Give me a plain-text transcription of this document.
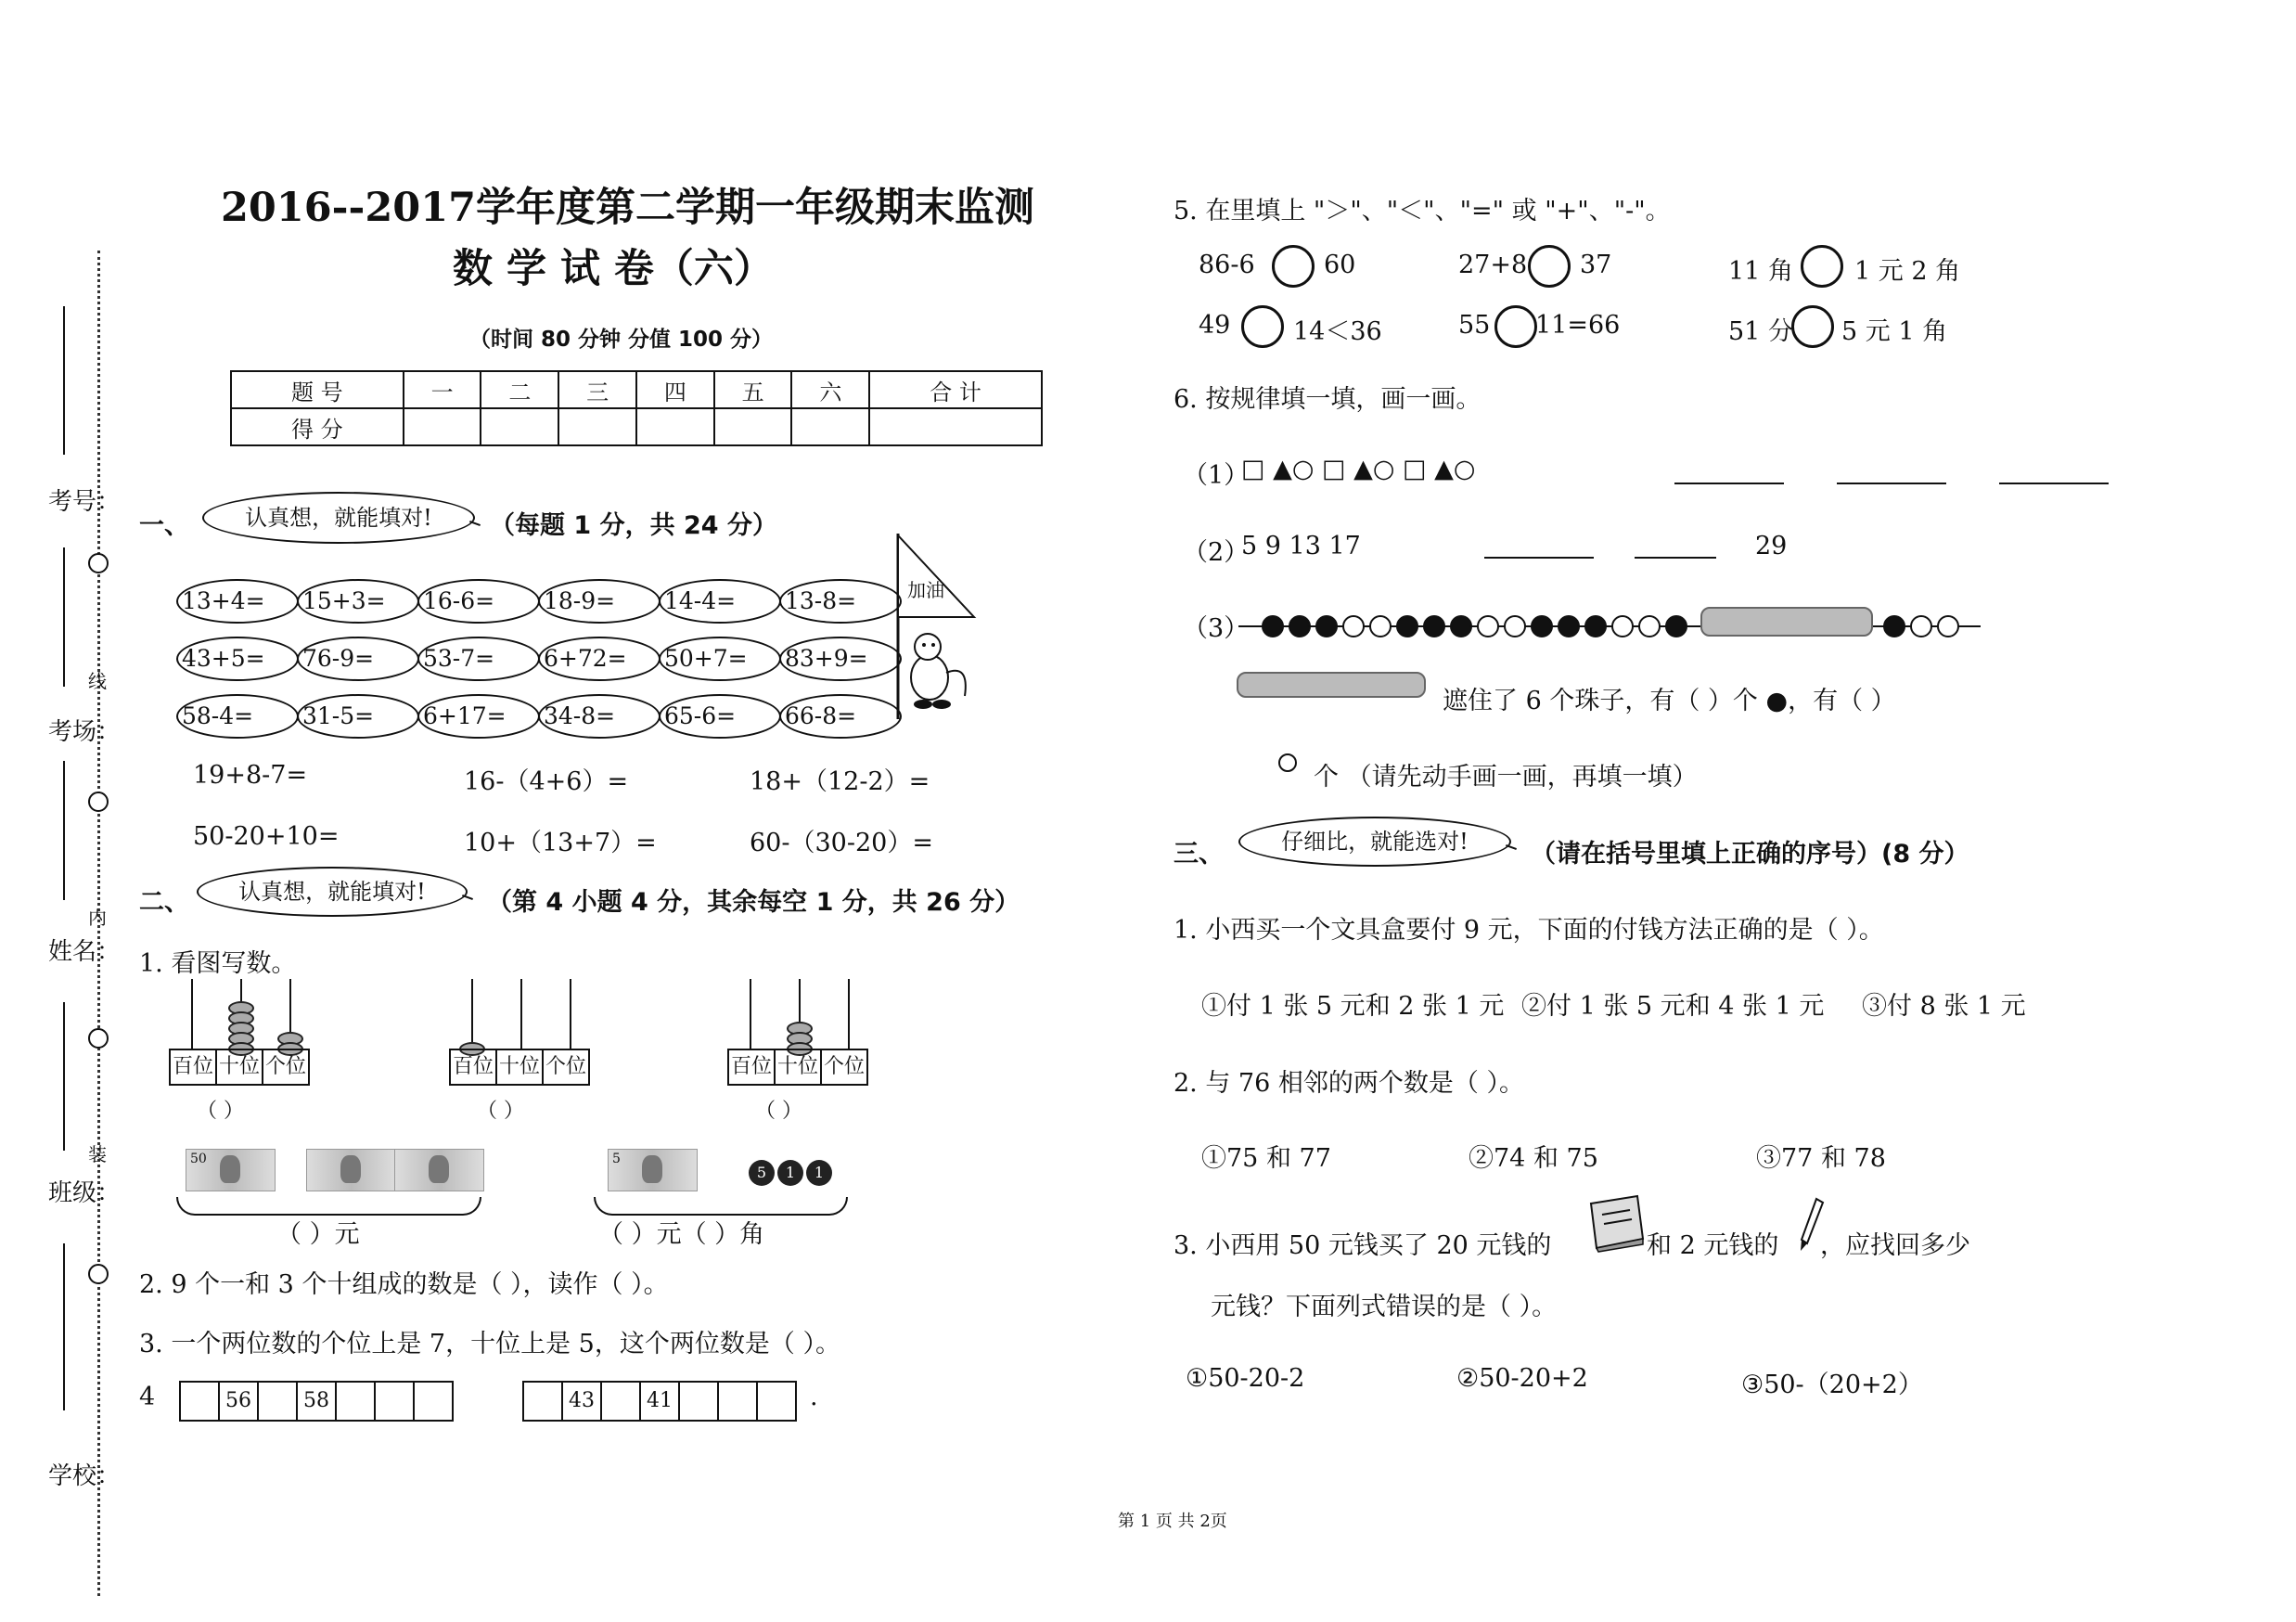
考号：
考场：
姓名：
班级：
学校：
线
内
装
2016--2017学年度第二学期一年级期末监测
数 学 试 卷（六）
（时间 80 分钟 分值 100 分）
题 号	一	二	三	四	五	六	合 计
得 分							
一、	认真想，就能填对!	（每题 1 分，共 24 分）
加油
13+4=	15+3=	16-6=	18-9=	14-4=	13-8=
43+5=	76-9=	53-7=	6+72=	50+7=	83+9=
58-4=	31-5=	6+17=	34-8=	65-6=	66-8=
19+8-7=	16-（4+6）=	18+（12-2）=
50-20+10=	10+（13+7）=	60-（30-20）=
二、	认真想，就能填对!	（第 4 小题 4 分，其余每空 1 分，共 26 分）
1. 看图写数。
百位 十位 个位
（ ）
百位 十位 个位
（ ）
百位 十位 个位
（ ）
50
（ ）元
5
5	1	1
（ ）元（ ）角
2. 9 个一和 3 个十组成的数是（ ），读作（ ）。
3. 一个两位数的个位上是 7，十位上是 5，这个两位数是（ ）。
4	56	58	43	41	.
5. 在里填上 "＞"、"＜"、"=" 或 "+"、"-"。
86-6	60	27+8 37	11 角 1 元 2 角
49	14＜36	55 11=66	51 分 5 元 1 角
6. 按规律填一填，画一画。
（1）
□ ▲○ □ ▲○ □ ▲○
（2）
5 9 13 17	29
（3）
遮住了 6 个珠子，有（ ）个 ●，有（ ）
个 （请先动手画一画，再填一填）
三、	仔细比，就能选对!	（请在括号里填上正确的序号）(8 分）
1. 小西买一个文具盒要付 9 元，下面的付钱方法正确的是（ ）。
①付 1 张 5 元和 2 张 1 元 ②付 1 张 5 元和 4 张 1 元 ③付 8 张 1 元
2. 与 76 相邻的两个数是（ ）。
①75 和 77	②74 和 75	③77 和 78
3. 小西用 50 元钱买了 20 元钱的	和 2 元钱的 ，应找回多少
元钱？下面列式错误的是（ ）。
①50-20-2	②50-20+2	③50-（20+2）
第 1 页 共 2页
